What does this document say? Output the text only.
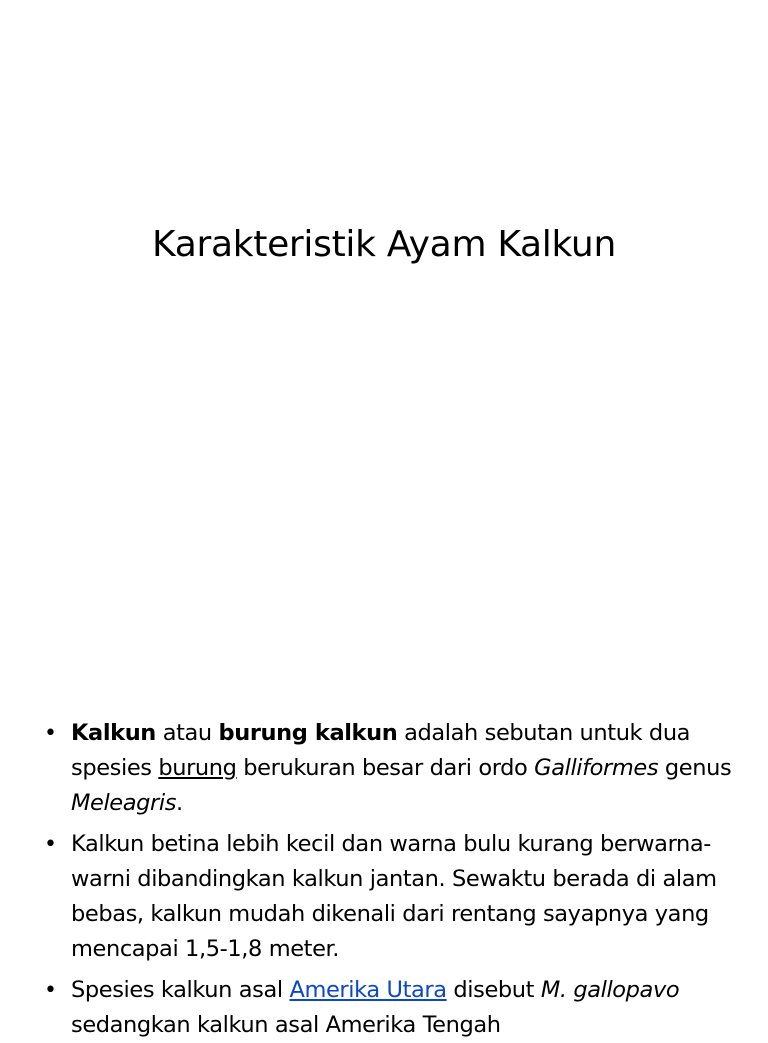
Karakteristik Ayam Kalkun
• Kalkun atau burung kalkun adalah sebutan untuk dua spesies burung berukuran besar dari ordo Galliformes genus Meleagris.
• Kalkun betina lebih kecil dan warna bulu kurang berwarna-warni dibandingkan kalkun jantan. Sewaktu berada di alam bebas, kalkun mudah dikenali dari rentang sayapnya yang mencapai 1,5-1,8 meter.
• Spesies kalkun asal Amerika Utara disebut M. gallopavo sedangkan kalkun asal Amerika Tengah
